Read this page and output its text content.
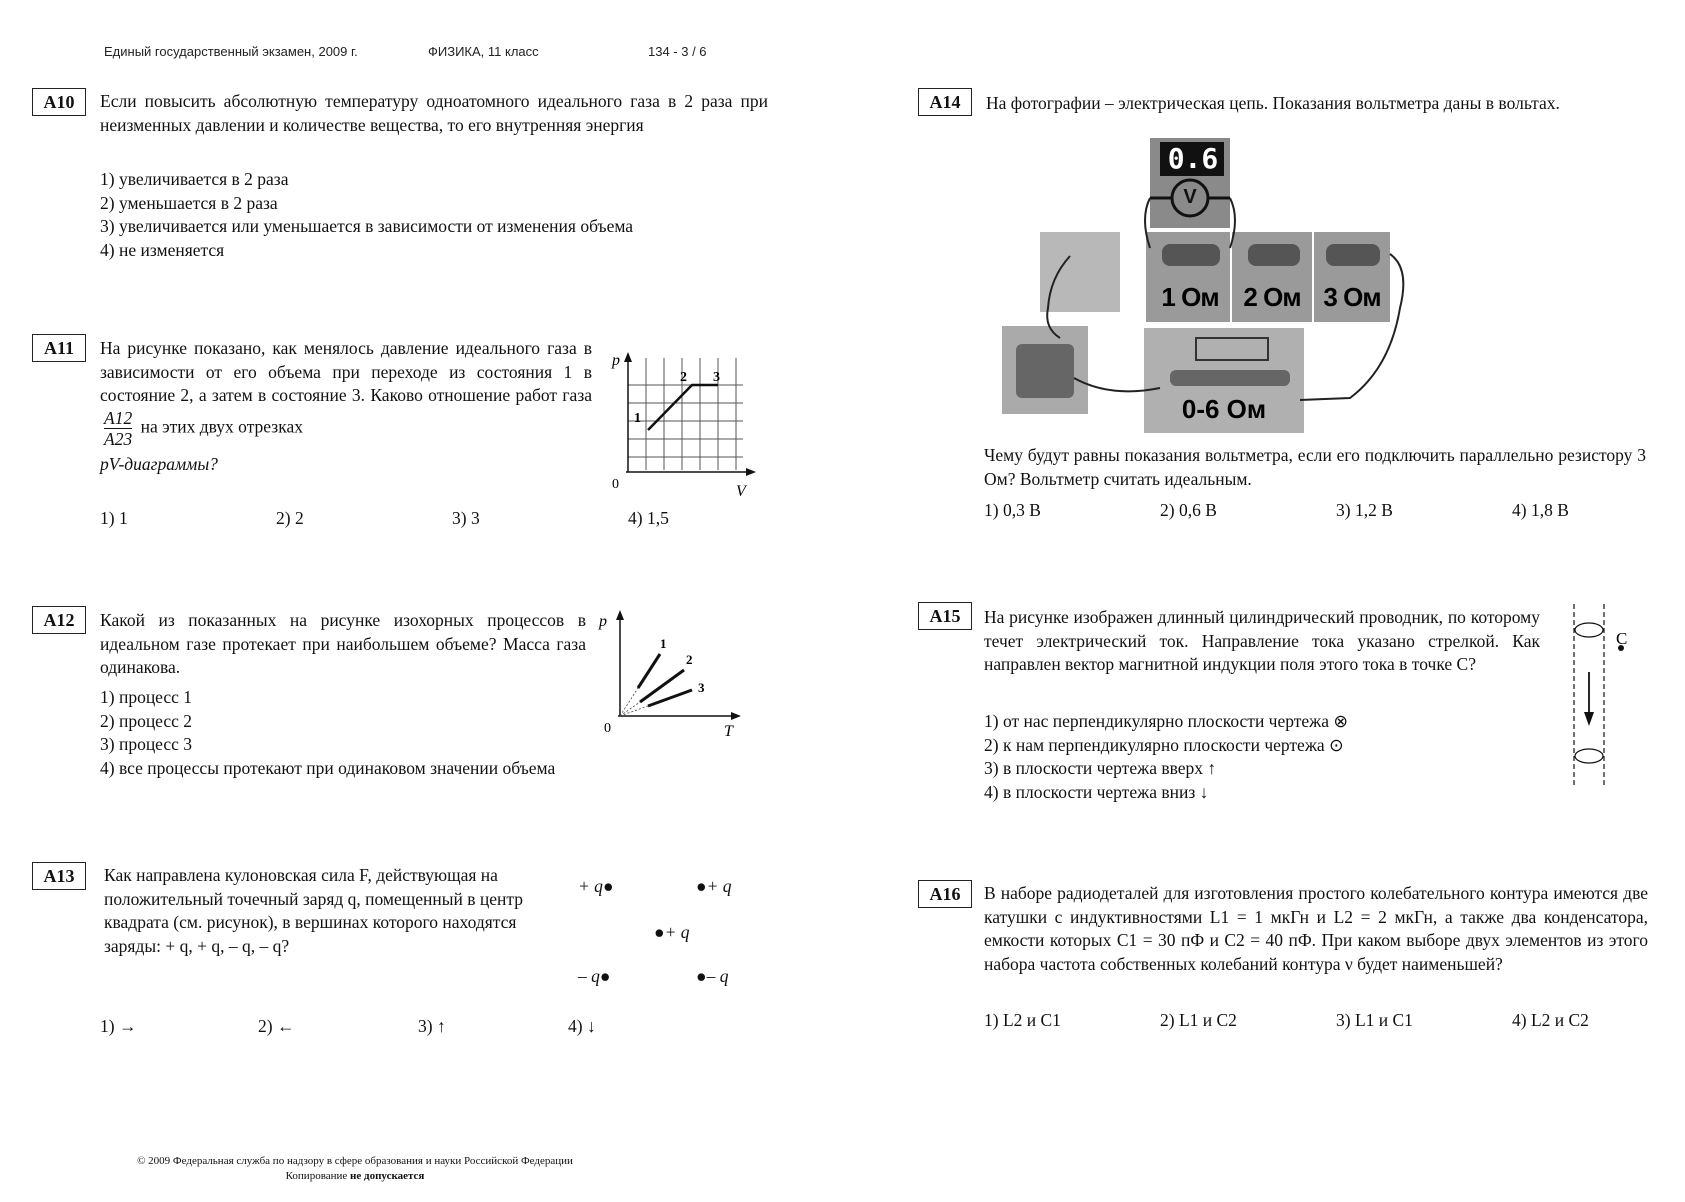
Единый государственный экзамен, 2009 г.	ФИЗИКА, 11 класс	134 - 3 / 6
A10	Если повысить абсолютную температуру одноатомного идеального газа в 2 раза при неизменных давлении и количестве вещества, то его внутренняя энергия
1) увеличивается в 2 раза
2) уменьшается в 2 раза
3) увеличивается или уменьшается в зависимости от изменения объема
4) не изменяется
A11	На рисунке показано, как менялось давление идеального газа в зависимости от его объема при переходе из состояния 1 в состояние 2, а затем в состояние 3. Каково отношение работ газа
$\frac{A12}{A23}$ на этих двух отрезках
pV-диаграммы?
p
0	V
1
2 3
1) 1	2) 2	3) 3	4) 1,5
A12	Какой из показанных на рисунке изохорных процессов в идеальном газе протекает при наибольшем объеме? Масса газа одинакова.
1) процесс 1
2) процесс 2
3) процесс 3
4) все процессы протекают при одинаковом значении объема
p
0	T
1
2
3
A13	Как направлена кулоновская сила F, действующая на положительный точечный заряд q, помещенный в центр квадрата (см. рисунок), в вершинах которого находятся заряды: + q, + q, – q, – q?
+ q●	●+ q
●+ q
– q●	●– q
1) →	2) ←	3) ↑	4) ↓
A14	На фотографии – электрическая цепь. Показания вольтметра даны в вольтах.
0.6
V
1 Ом 2 Ом 3 Ом
0-6 Ом
Чему будут равны показания вольтметра, если его подключить параллельно резистору 3 Ом? Вольтметр считать идеальным.
1) 0,3 В	2) 0,6 В	3) 1,2 В	4) 1,8 В
A15	На рисунке изображен длинный цилиндрический проводник, по которому течет электрический ток. Направление тока указано стрелкой. Как направлен вектор магнитной индукции поля этого тока в точке C?
1) от нас перпендикулярно плоскости чертежа ⊗
2) к нам перпендикулярно плоскости чертежа ⊙
3) в плоскости чертежа вверх ↑
4) в плоскости чертежа вниз ↓
C
A16	В наборе радиодеталей для изготовления простого колебательного контура имеются две катушки с индуктивностями L1 = 1 мкГн и L2 = 2 мкГн, а также два конденсатора, емкости которых C1 = 30 пФ и C2 = 40 пФ. При каком выборе двух элементов из этого набора частота собственных колебаний контура ν будет наименьшей?
1) L2 и C1	2) L1 и C2	3) L1 и C1	4) L2 и C2
© 2009 Федеральная служба по надзору в сфере образования и науки Российской Федерации
Копирование не допускается
